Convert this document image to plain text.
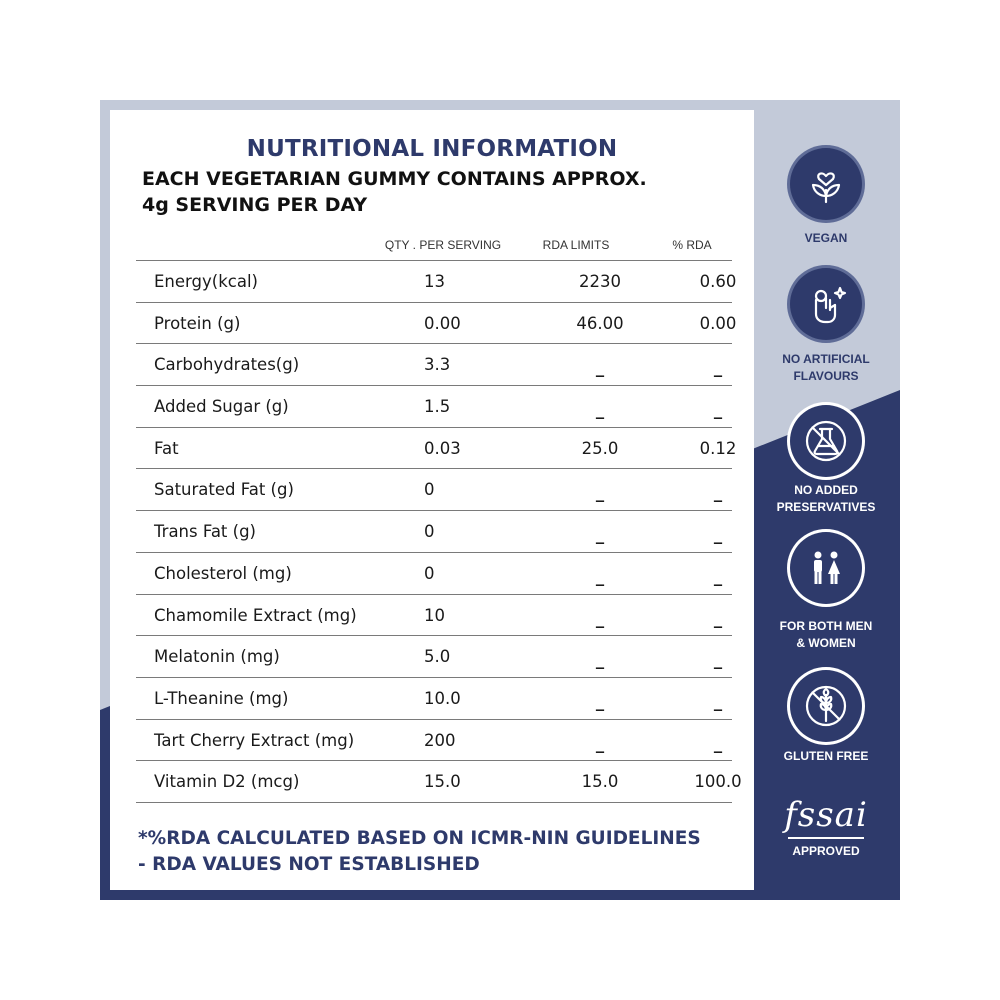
NUTRITIONAL INFORMATION
EACH VEGETARIAN GUMMY CONTAINS APPROX.
4g SERVING PER DAY
QTY . PER SERVING	RDA LIMITS	% RDA
Energy(kcal)	13	2230	0.60
Protein (g)	0.00	46.00	0.00
Carbohydrates(g)	3.3	_	_
Added Sugar (g)	1.5	_	_
Fat	0.03	25.0	0.12
Saturated Fat (g)	0	_	_
Trans Fat (g)	0	_	_
Cholesterol (mg)	0	_	_
Chamomile Extract (mg)	10	_	_
Melatonin (mg)	5.0	_	_
L-Theanine (mg)	10.0	_	_
Tart Cherry Extract (mg)	200	_	_
Vitamin D2 (mcg)	15.0	15.0	100.0
*%RDA CALCULATED BASED ON ICMR-NIN GUIDELINES
- RDA VALUES NOT ESTABLISHED
VEGAN
NO ARTIFICIAL
FLAVOURS
NO ADDED
PRESERVATIVES
FOR BOTH MEN
& WOMEN
GLUTEN FREE
fssai
APPROVED
